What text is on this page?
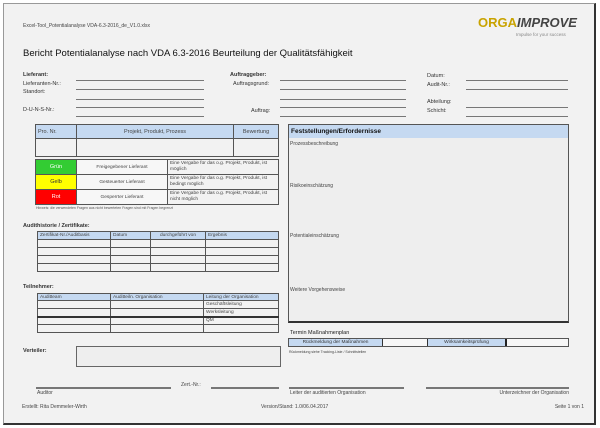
Excel-Tool_Potentialanalyse VDA-6.3-2016_de_V1.0.xlsx	ORGAIMPROVE
Impulse for your success
Bericht Potentialanalyse nach VDA 6.3-2016 Beurteilung der Qualitätsfähigkeit
Lieferant:
Lieferanten-Nr.:
Standort:
D-U-N-S-Nr.:
Auftraggeber:
Auftragsgrund:
Auftrag:
Datum:
Audit-Nr.:
Abteilung:
Schicht:
Pro. Nr.	Projekt, Produkt, Prozess		Bewertung

Grün	Freigegebener Lieferant	Eine Vergabe für das o.g. Projekt, Produkt, ist möglich	
Gelb	Gesteuerter Lieferant	Eine Vergabe für das o.g. Projekt, Produkt, ist bedingt möglich	
Rot	Gesperrter Lieferant	Eine Vergabe für das o.g. Projekt, Produkt, ist nicht möglich	
Hinweis: die verwendeten Fragen aus nicht bewerteten Fragen sind mit Fragen begrenzt
Audithistorie / Zertifikate:
Zertifikat-Nr./Auditbasis	Datum	durchgeführt von	Ergebnis

Teilnehmer:
Auditteam	Auditteiln. Organisation	Leitung der Organisation
		Geschäftsleitung
		Werksleitung
		QM

Verteiler:
Feststellungen/Erfordernisse
Prozessbeschreibung
Risikoeinschätzung
Potentialeinschätzung
Weitere Vorgehensweise
Termin Maßnahmenplan
Rückmeldung der Maßnahmen	Wirksamkeitsprüfung
Rückmeldung siehe Tracking-Liste / Schnittstellen
Auditor
Zert.-Nr.:
Leiter der auditierten Organisation	Unterzeichner der Organisation
Erstellt: Rita Demmeler-Wirth	Version/Stand: 1.0/06.04.2017	Seite 1 von 1
